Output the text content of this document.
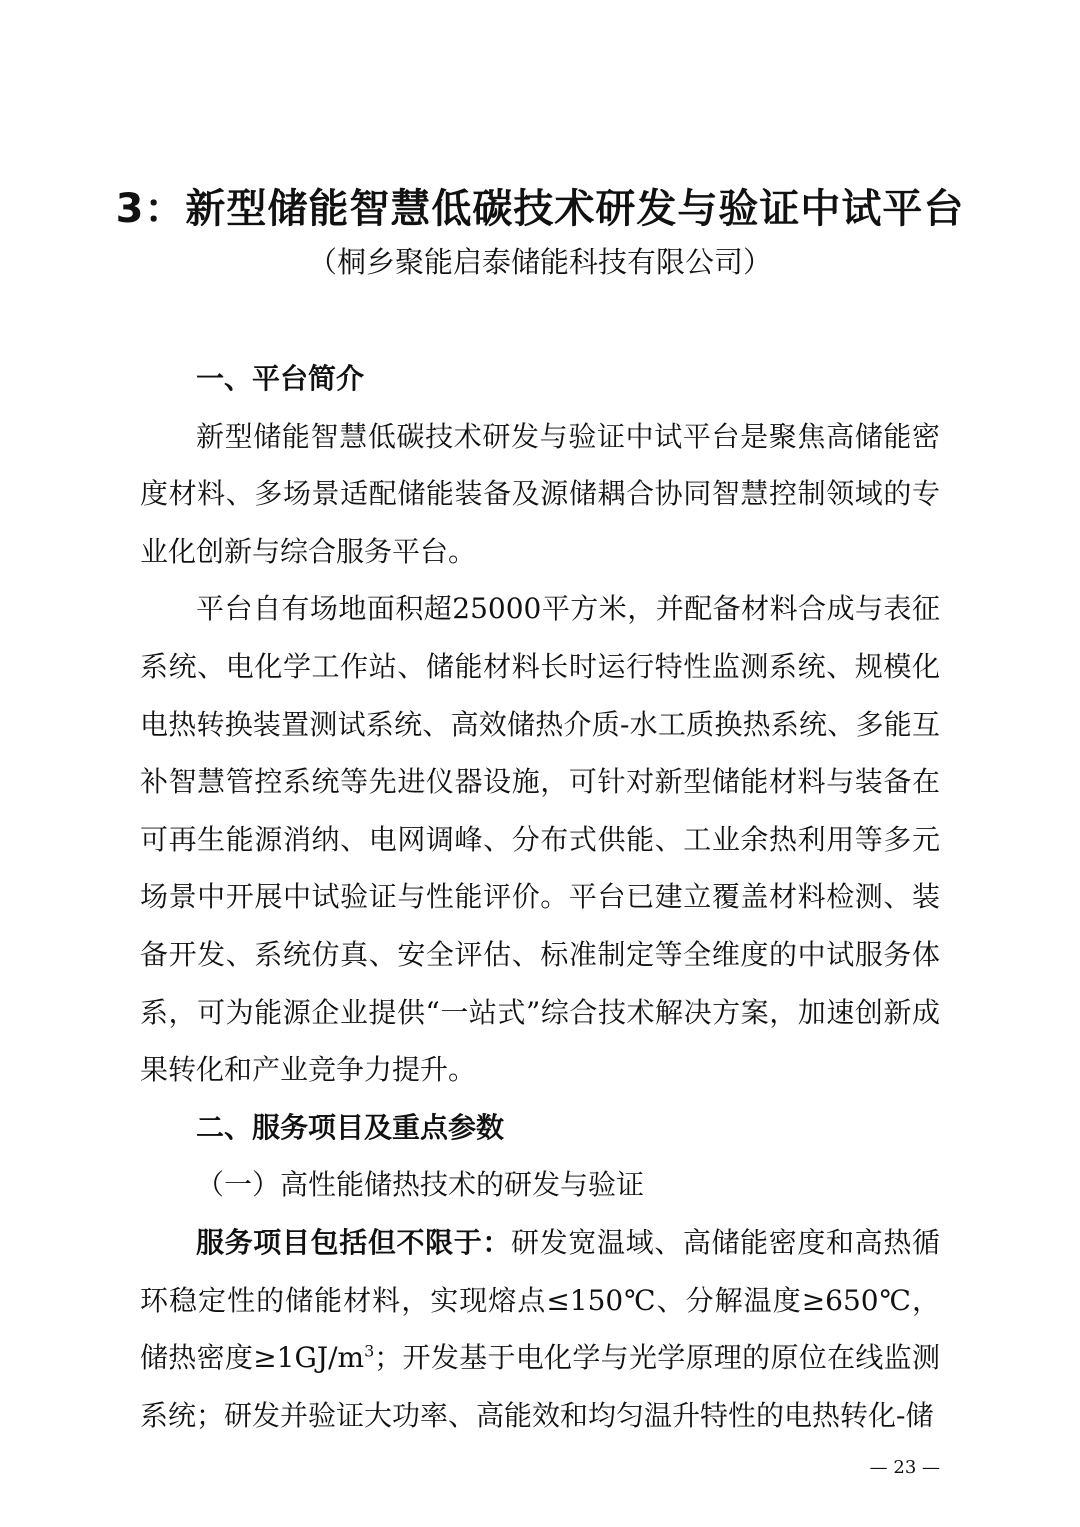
3：新型储能智慧低碳技术研发与验证中试平台
（桐乡聚能启泰储能科技有限公司）

一、平台简介

新型储能智慧低碳技术研发与验证中试平台是聚焦高储能密度材料、多场景适配储能装备及源储耦合协同智慧控制领域的专业化创新与综合服务平台。

平台自有场地面积超25000平方米，并配备材料合成与表征系统、电化学工作站、储能材料长时运行特性监测系统、规模化电热转换装置测试系统、高效储热介质-水工质换热系统、多能互补智慧管控系统等先进仪器设施，可针对新型储能材料与装备在可再生能源消纳、电网调峰、分布式供能、工业余热利用等多元场景中开展中试验证与性能评价。平台已建立覆盖材料检测、装备开发、系统仿真、安全评估、标准制定等全维度的中试服务体系，可为能源企业提供“一站式”综合技术解决方案，加速创新成果转化和产业竞争力提升。

二、服务项目及重点参数

（一）高性能储热技术的研发与验证

服务项目包括但不限于：研发宽温域、高储能密度和高热循环稳定性的储能材料，实现熔点≤150℃、分解温度≥650℃，储热密度$\ge 1GJ/m^3$；开发基于电化学与光学原理的原位在线监测系统；研发并验证大功率、高能效和均匀温升特性的电热转化-储

— 23 —
